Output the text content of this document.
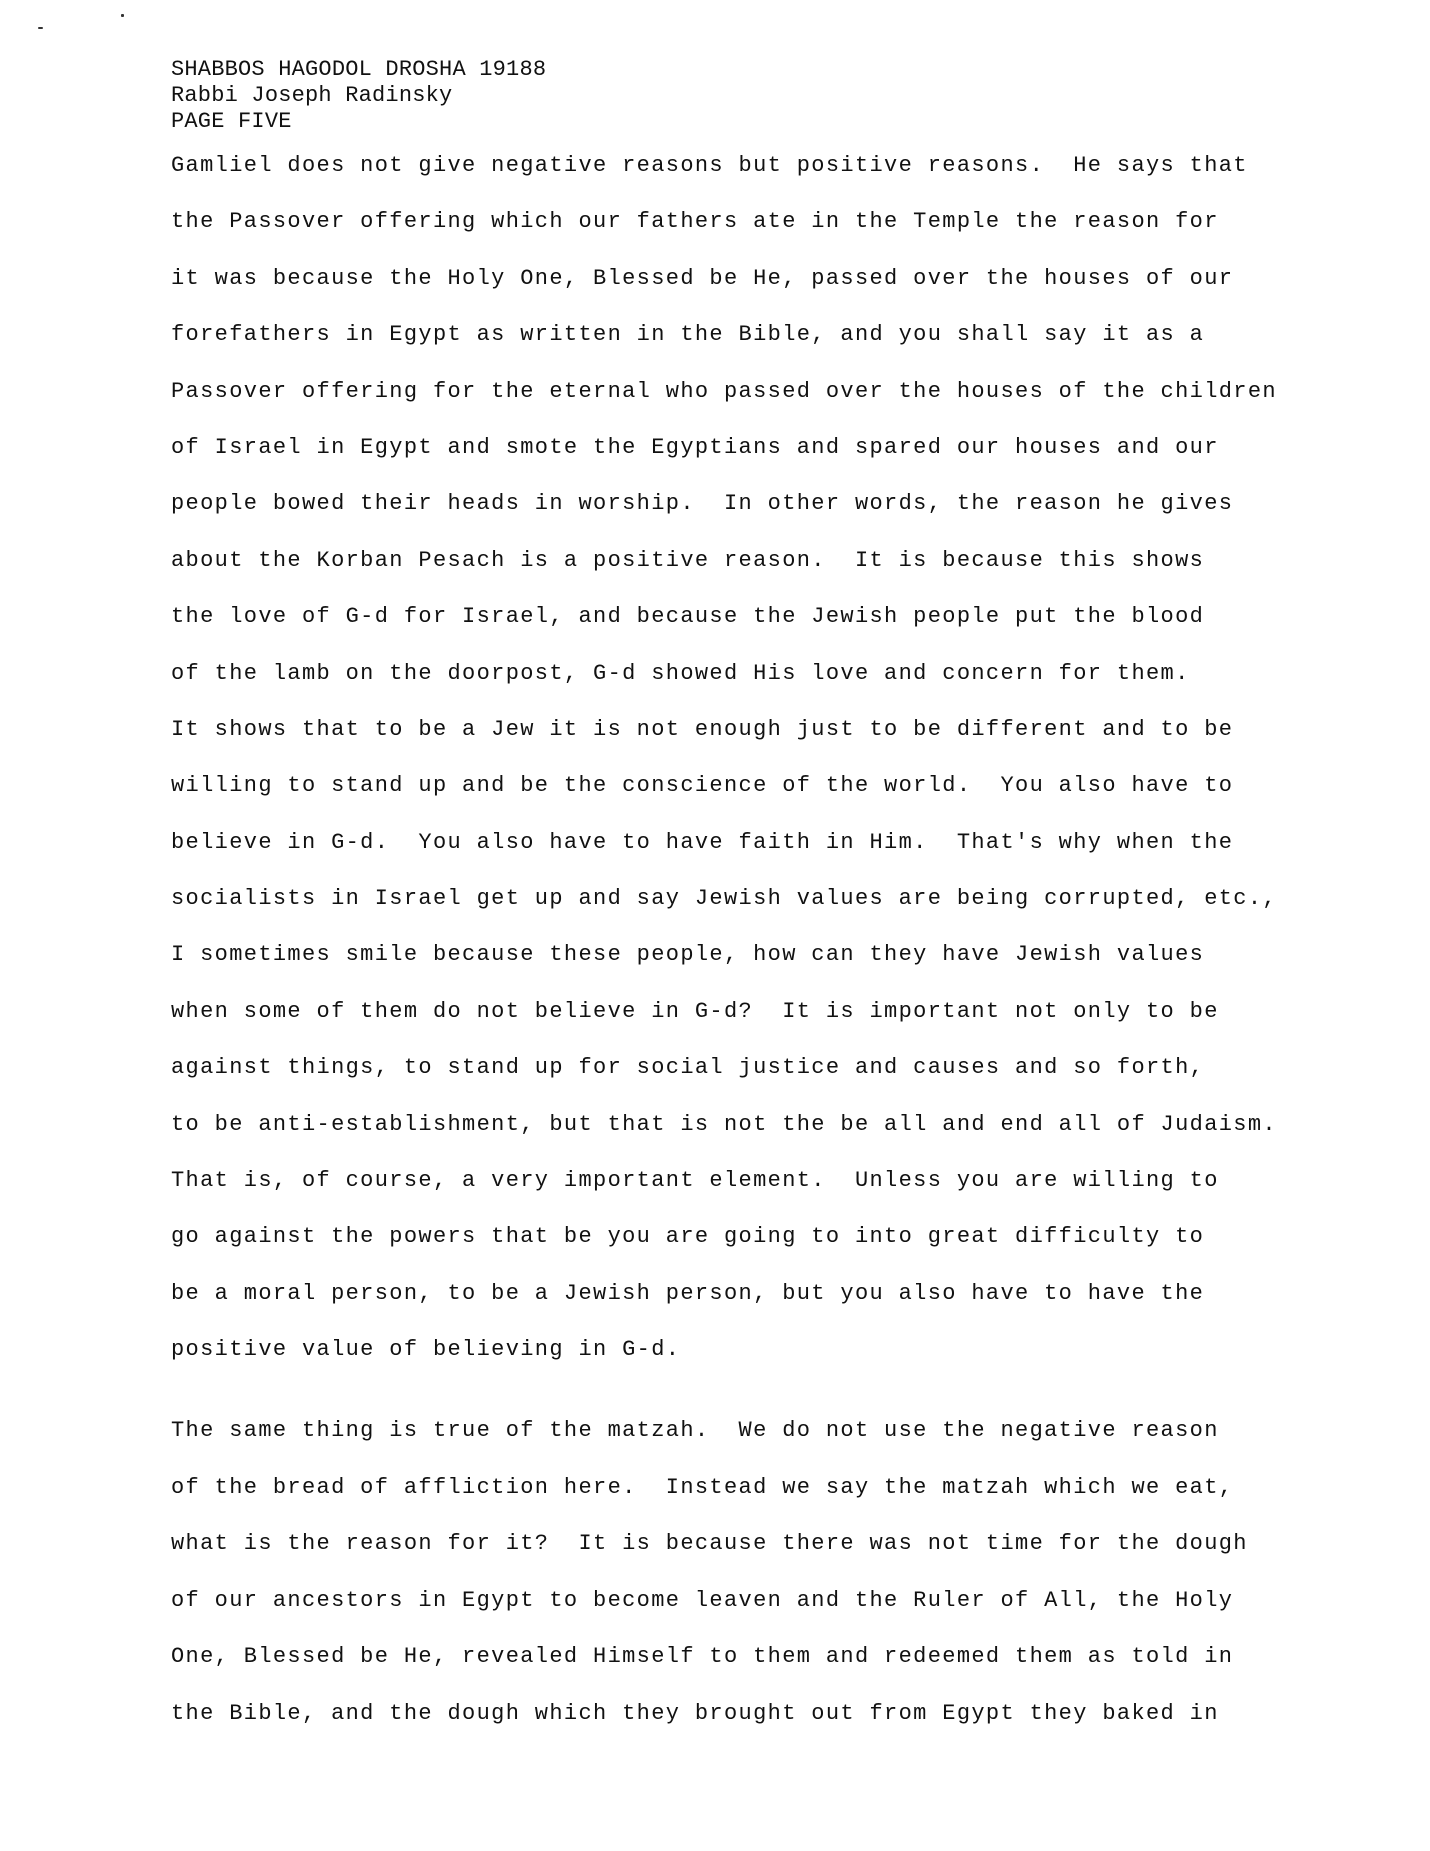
SHABBOS HAGODOL DROSHA 19188
Rabbi Joseph Radinsky
PAGE FIVE
Gamliel does not give negative reasons but positive reasons.  He says that
the Passover offering which our fathers ate in the Temple the reason for
it was because the Holy One, Blessed be He, passed over the houses of our
forefathers in Egypt as written in the Bible, and you shall say it as a
Passover offering for the eternal who passed over the houses of the children
of Israel in Egypt and smote the Egyptians and spared our houses and our
people bowed their heads in worship.  In other words, the reason he gives
about the Korban Pesach is a positive reason.  It is because this shows
the love of G-d for Israel, and because the Jewish people put the blood
of the lamb on the doorpost, G-d showed His love and concern for them.
It shows that to be a Jew it is not enough just to be different and to be
willing to stand up and be the conscience of the world.  You also have to
believe in G-d.  You also have to have faith in Him.  That's why when the
socialists in Israel get up and say Jewish values are being corrupted, etc.,
I sometimes smile because these people, how can they have Jewish values
when some of them do not believe in G-d?  It is important not only to be
against things, to stand up for social justice and causes and so forth,
to be anti-establishment, but that is not the be all and end all of Judaism.
That is, of course, a very important element.  Unless you are willing to
go against the powers that be you are going to into great difficulty to
be a moral person, to be a Jewish person, but you also have to have the
positive value of believing in G-d.
The same thing is true of the matzah.  We do not use the negative reason
of the bread of affliction here.  Instead we say the matzah which we eat,
what is the reason for it?  It is because there was not time for the dough
of our ancestors in Egypt to become leaven and the Ruler of All, the Holy
One, Blessed be He, revealed Himself to them and redeemed them as told in
the Bible, and the dough which they brought out from Egypt they baked in
